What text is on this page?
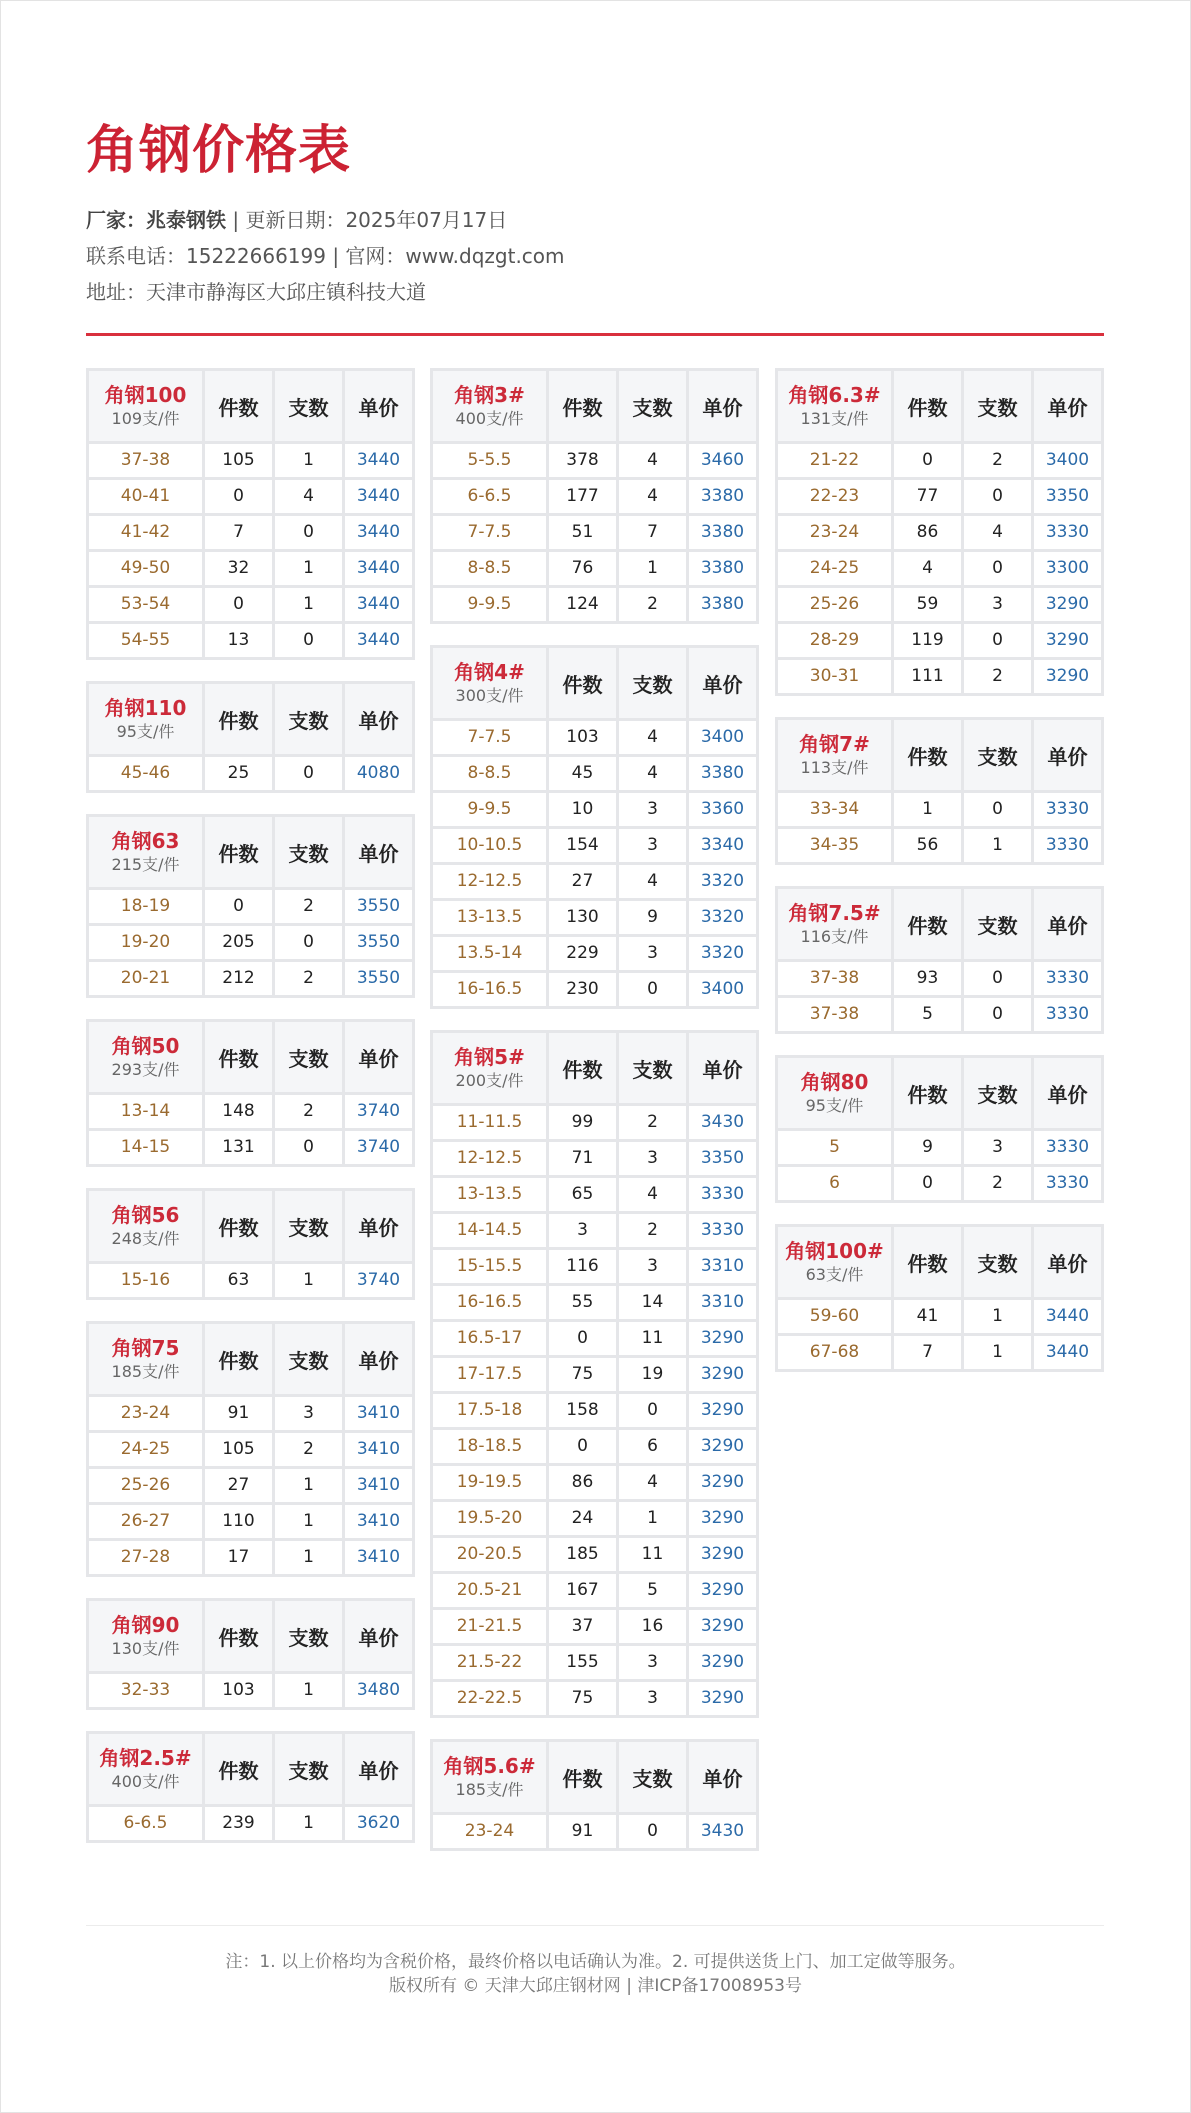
角钢价格表
厂家：兆泰钢铁 | 更新日期：2025年07月17日
联系电话：15222666199 | 官网：www.dqzgt.com
地址：天津市静海区大邱庄镇科技大道
角钢100
109支/件	件数	支数	单价
37-38	105	1	3440
40-41	0	4	3440
41-42	7	0	3440
49-50	32	1	3440
53-54	0	1	3440
54-55	13	0	3440
角钢110
95支/件	件数	支数	单价
45-46	25	0	4080
角钢63
215支/件	件数	支数	单价
18-19	0	2	3550
19-20	205	0	3550
20-21	212	2	3550
角钢50
293支/件	件数	支数	单价
13-14	148	2	3740
14-15	131	0	3740
角钢56
248支/件	件数	支数	单价
15-16	63	1	3740
角钢75
185支/件	件数	支数	单价
23-24	91	3	3410
24-25	105	2	3410
25-26	27	1	3410
26-27	110	1	3410
27-28	17	1	3410
角钢90
130支/件	件数	支数	单价
32-33	103	1	3480
角钢2.5#
400支/件	件数	支数	单价
6-6.5	239	1	3620
角钢3#
400支/件	件数	支数	单价
5-5.5	378	4	3460
6-6.5	177	4	3380
7-7.5	51	7	3380
8-8.5	76	1	3380
9-9.5	124	2	3380
角钢4#
300支/件	件数	支数	单价
7-7.5	103	4	3400
8-8.5	45	4	3380
9-9.5	10	3	3360
10-10.5	154	3	3340
12-12.5	27	4	3320
13-13.5	130	9	3320
13.5-14	229	3	3320
16-16.5	230	0	3400
角钢5#
200支/件	件数	支数	单价
11-11.5	99	2	3430
12-12.5	71	3	3350
13-13.5	65	4	3330
14-14.5	3	2	3330
15-15.5	116	3	3310
16-16.5	55	14	3310
16.5-17	0	11	3290
17-17.5	75	19	3290
17.5-18	158	0	3290
18-18.5	0	6	3290
19-19.5	86	4	3290
19.5-20	24	1	3290
20-20.5	185	11	3290
20.5-21	167	5	3290
21-21.5	37	16	3290
21.5-22	155	3	3290
22-22.5	75	3	3290
角钢5.6#
185支/件	件数	支数	单价
23-24	91	0	3430
角钢6.3#
131支/件	件数	支数	单价
21-22	0	2	3400
22-23	77	0	3350
23-24	86	4	3330
24-25	4	0	3300
25-26	59	3	3290
28-29	119	0	3290
30-31	111	2	3290
角钢7#
113支/件	件数	支数	单价
33-34	1	0	3330
34-35	56	1	3330
角钢7.5#
116支/件	件数	支数	单价
37-38	93	0	3330
37-38	5	0	3330
角钢80
95支/件	件数	支数	单价
5	9	3	3330
6	0	2	3330
角钢100#
63支/件	件数	支数	单价
59-60	41	1	3440
67-68	7	1	3440
注：1. 以上价格均为含税价格，最终价格以电话确认为准。2. 可提供送货上门、加工定做等服务。
版权所有 © 天津大邱庄钢材网 | 津ICP备17008953号
